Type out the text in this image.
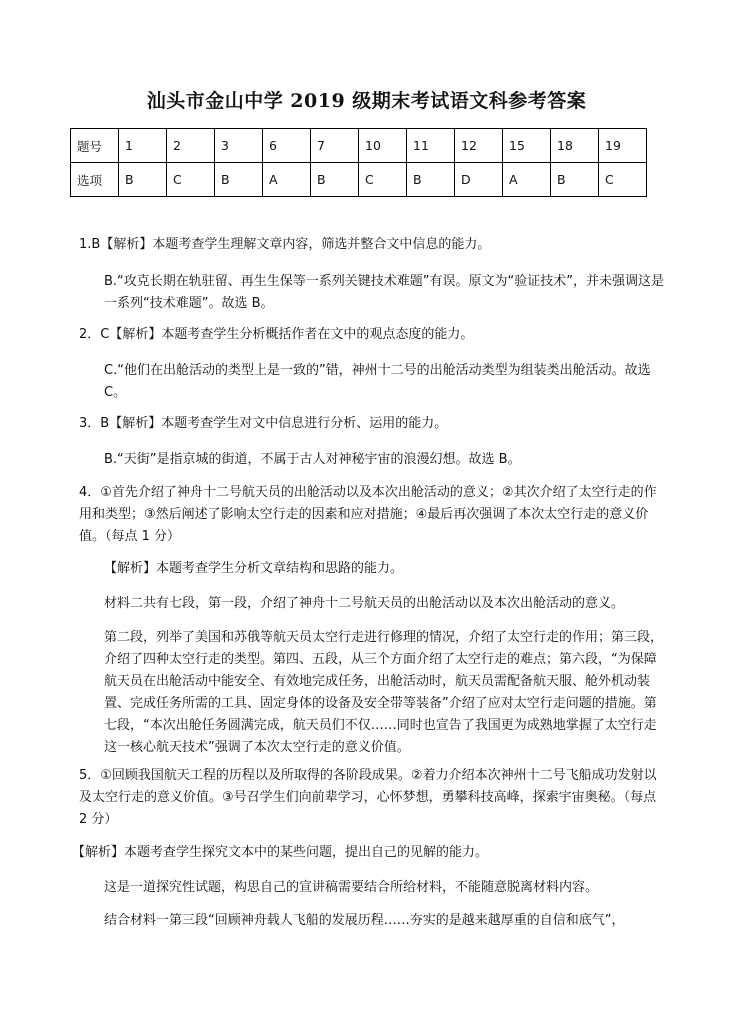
汕头市金山中学 2019 级期末考试语文科参考答案
题号	1	2	3	6	7	10	11	12	15	18	19
选项	B	C	B	A	B	C	B	D	A	B	C

1.B【解析】本题考查学生理解文章内容，筛选并整合文中信息的能力。

B.“攻克长期在轨驻留、再生生保等一系列关键技术难题”有误。原文为“验证技术”，并未强调这是一系列“技术难题”。故选 B。

2．C【解析】本题考查学生分析概括作者在文中的观点态度的能力。

C.“他们在出舱活动的类型上是一致的”错，神州十二号的出舱活动类型为组装类出舱活动。故选 C。

3．B【解析】本题考查学生对文中信息进行分析、运用的能力。

B.“天街”是指京城的街道，不属于古人对神秘宇宙的浪漫幻想。故选 B。

4．①首先介绍了神舟十二号航天员的出舱活动以及本次出舱活动的意义；②其次介绍了太空行走的作用和类型；③然后阐述了影响太空行走的因素和应对措施；④最后再次强调了本次太空行走的意义价值。（每点 1 分）

【解析】本题考查学生分析文章结构和思路的能力。

材料二共有七段，第一段，介绍了神舟十二号航天员的出舱活动以及本次出舱活动的意义。

第二段，列举了美国和苏俄等航天员太空行走进行修理的情况，介绍了太空行走的作用；第三段，介绍了四种太空行走的类型。第四、五段，从三个方面介绍了太空行走的难点；第六段，“为保障航天员在出舱活动中能安全、有效地完成任务，出舱活动时，航天员需配备航天服、舱外机动装置、完成任务所需的工具、固定身体的设备及安全带等装备”介绍了应对太空行走问题的措施。第七段，“本次出舱任务圆满完成，航天员们不仅……同时也宣告了我国更为成熟地掌握了太空行走这一核心航天技术”强调了本次太空行走的意义价值。

5．①回顾我国航天工程的历程以及所取得的各阶段成果。②着力介绍本次神州十二号飞船成功发射以及太空行走的意义价值。③号召学生们向前辈学习，心怀梦想，勇攀科技高峰，探索宇宙奥秘。（每点 2 分）

【解析】本题考查学生探究文本中的某些问题，提出自己的见解的能力。

这是一道探究性试题，构思自己的宣讲稿需要结合所给材料，不能随意脱离材料内容。

结合材料一第三段“回顾神舟载人飞船的发展历程……夯实的是越来越厚重的自信和底气”，
